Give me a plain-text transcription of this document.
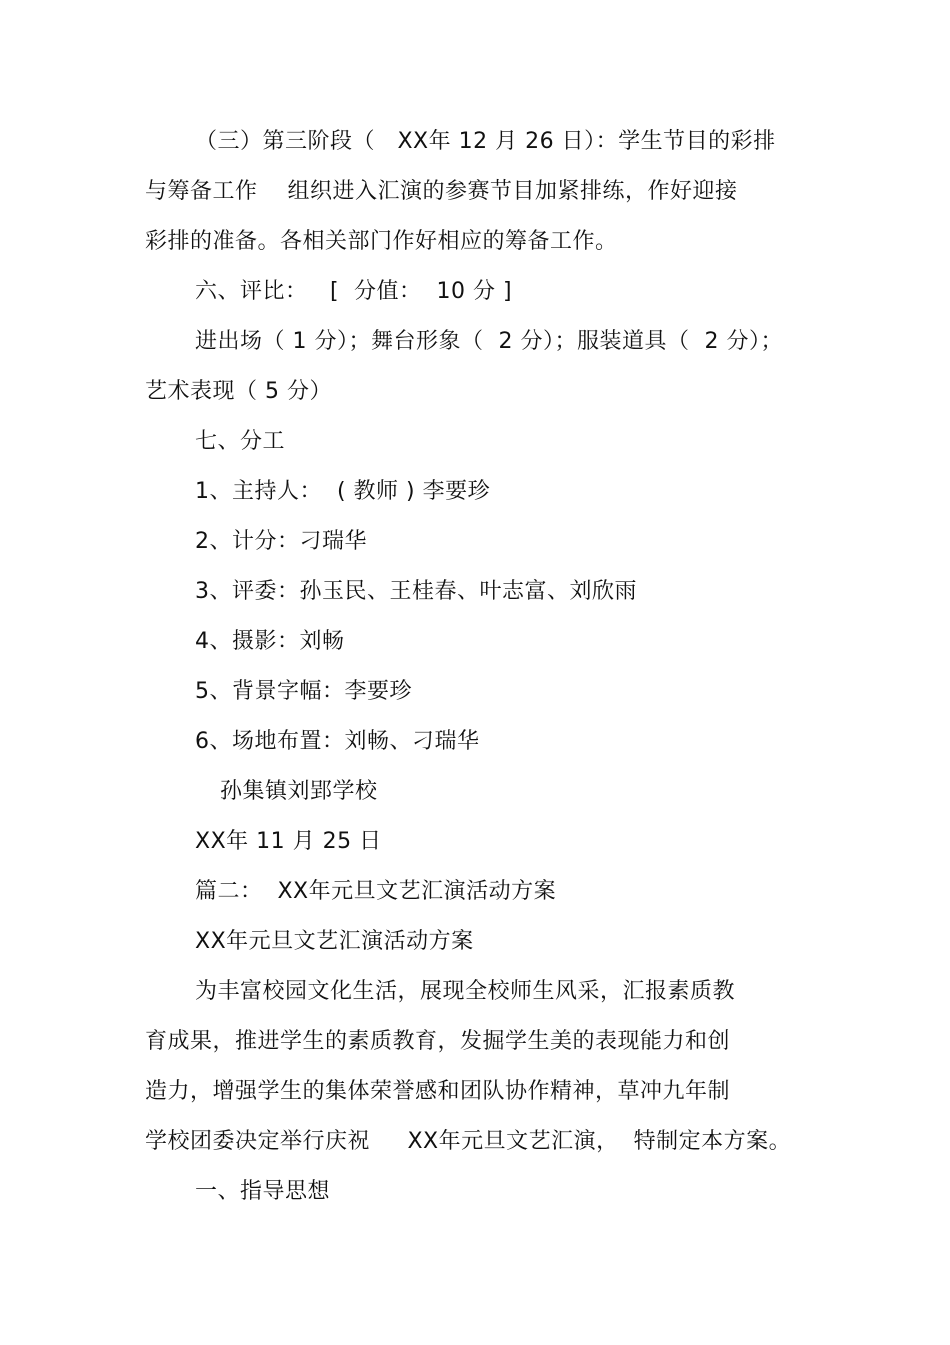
（三）第三阶段（   XX年 12 月 26 日）：学生节目的彩排
与筹备工作    组织进入汇演的参赛节目加紧排练，作好迎接
彩排的准备。各相关部门作好相应的筹备工作。
六、评比：   [  分值：  10 分 ]
进出场（ 1 分）；舞台形象（  2 分）；服装道具（  2 分）；
艺术表现（ 5 分）
七、分工
1、主持人：  ( 教师 ) 李要珍
2、计分：刁瑞华
3、评委：孙玉民、王桂春、叶志富、刘欣雨
4、摄影：刘畅
5、背景字幅：李要珍
6、场地布置：刘畅、刁瑞华
孙集镇刘郢学校
XX年 11 月 25 日
篇二：  XX年元旦文艺汇演活动方案
XX年元旦文艺汇演活动方案
为丰富校园文化生活，展现全校师生风采，汇报素质教
育成果，推进学生的素质教育，发掘学生美的表现能力和创
造力，增强学生的集体荣誉感和团队协作精神，草冲九年制
学校团委决定举行庆祝     XX年元旦文艺汇演，  特制定本方案。
一、指导思想
